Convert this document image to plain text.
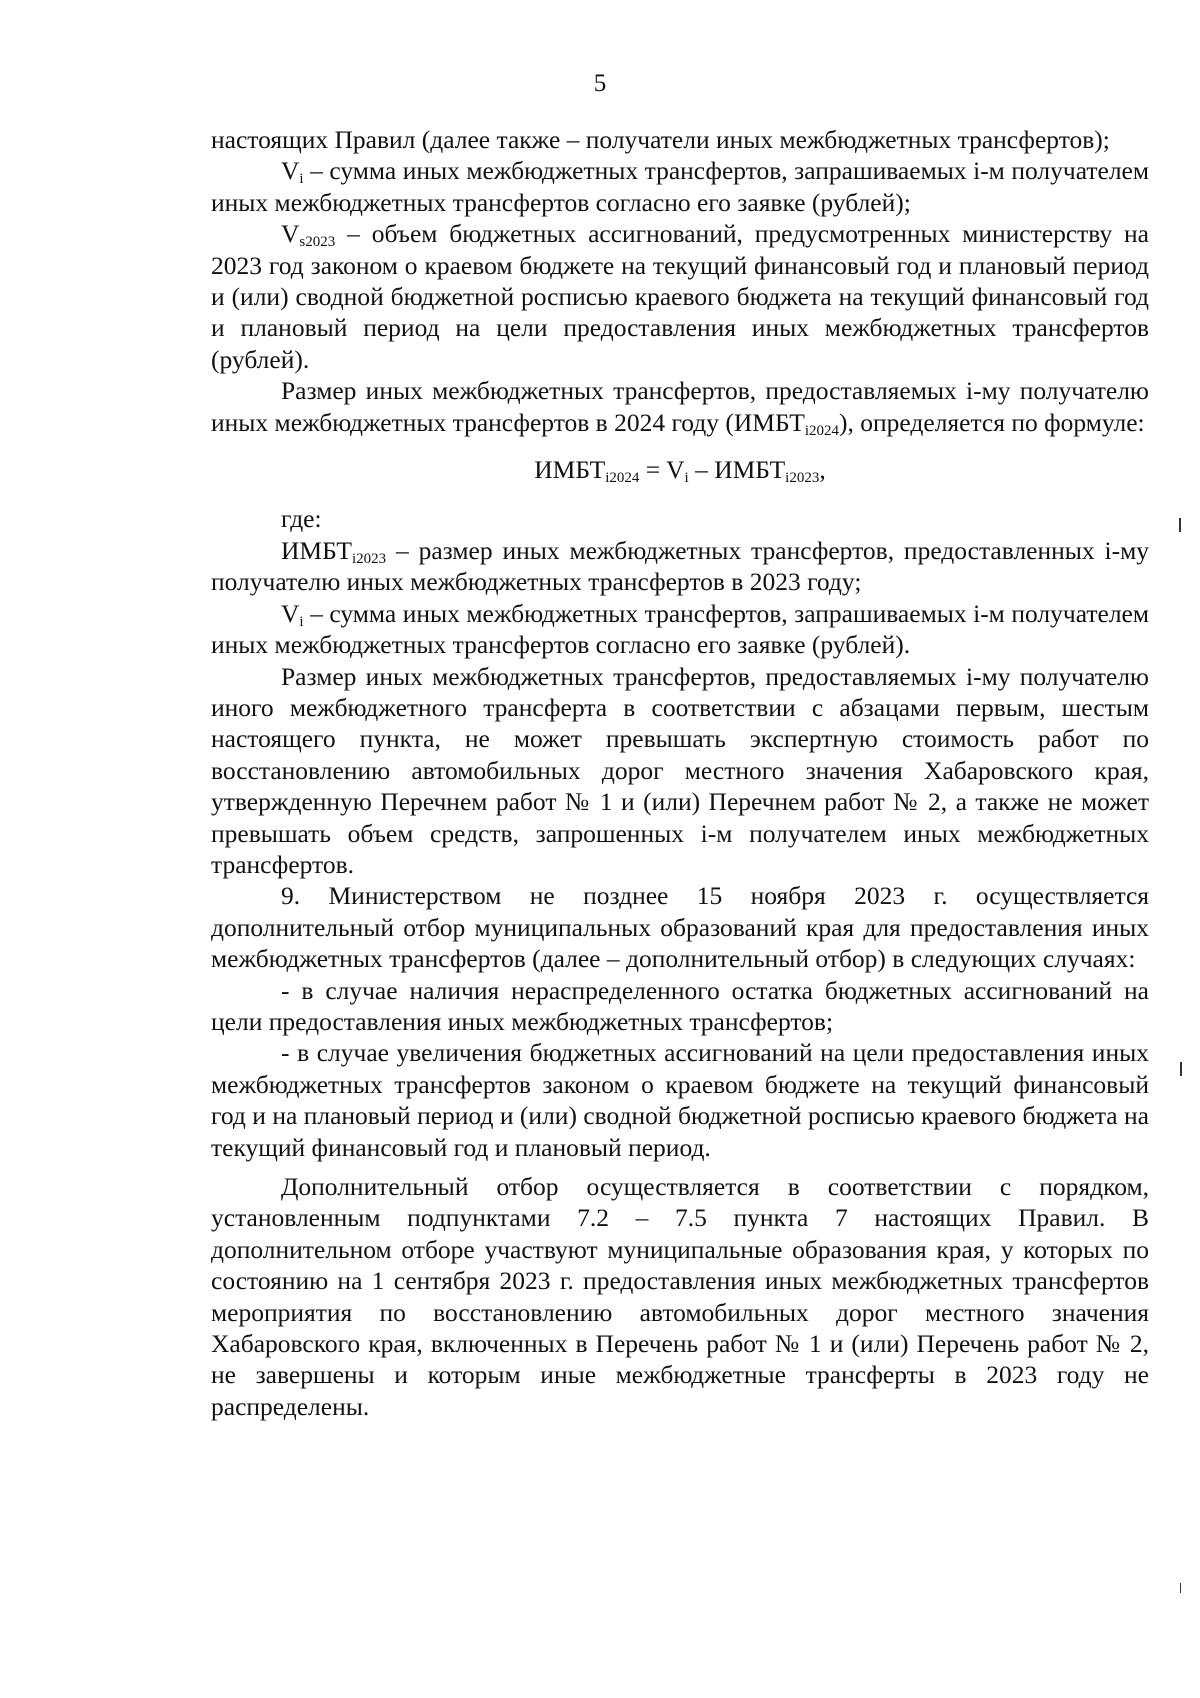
5

настоящих Правил (далее также – получатели иных межбюджетных трансфертов);

$V_i$ – сумма иных межбюджетных трансфертов, запрашиваемых i-м получателем иных межбюджетных трансфертов согласно его заявке (рублей);

$V_{s2023}$ – объем бюджетных ассигнований, предусмотренных министерству на 2023 год законом о краевом бюджете на текущий финансовый год и плановый период и (или) сводной бюджетной росписью краевого бюджета на текущий финансовый год и плановый период на цели предоставления иных межбюджетных трансфертов (рублей).

Размер иных межбюджетных трансфертов, предоставляемых i-му получателю иных межбюджетных трансфертов в 2024 году $(ИМБТ_{i2024})$, определяется по формуле:

$ИМБТ_{i2024} = V_i$ – $ИМБТ_{i2023}$,

где:

$ИМБТ_{i2023}$ – размер иных межбюджетных трансфертов, предоставленных i-му получателю иных межбюджетных трансфертов в 2023 году;

$V_i$ – сумма иных межбюджетных трансфертов, запрашиваемых i-м получателем иных межбюджетных трансфертов согласно его заявке (рублей).

Размер иных межбюджетных трансфертов, предоставляемых i-му получателю иного межбюджетного трансферта в соответствии с абзацами первым, шестым настоящего пункта, не может превышать экспертную стоимость работ по восстановлению автомобильных дорог местного значения Хабаровского края, утвержденную Перечнем работ № 1 и (или) Перечнем работ № 2, а также не может превышать объем средств, запрошенных i-м получателем иных межбюджетных трансфертов.

9. Министерством не позднее 15 ноября 2023 г. осуществляется дополнительный отбор муниципальных образований края для предоставления иных межбюджетных трансфертов (далее – дополнительный отбор) в следующих случаях:

- в случае наличия нераспределенного остатка бюджетных ассигнований на цели предоставления иных межбюджетных трансфертов;

- в случае увеличения бюджетных ассигнований на цели предоставления иных межбюджетных трансфертов законом о краевом бюджете на текущий финансовый год и на плановый период и (или) сводной бюджетной росписью краевого бюджета на текущий финансовый год и плановый период.

Дополнительный отбор осуществляется в соответствии с порядком, установленным подпунктами 7.2 – 7.5 пункта 7 настоящих Правил. В дополнительном отборе участвуют муниципальные образования края, у которых по состоянию на 1 сентября 2023 г. предоставления иных межбюджетных трансфертов мероприятия по восстановлению автомобильных дорог местного значения Хабаровского края, включенных в Перечень работ № 1 и (или) Перечень работ № 2, не завершены и которым иные межбюджетные трансферты в 2023 году не распределены.
